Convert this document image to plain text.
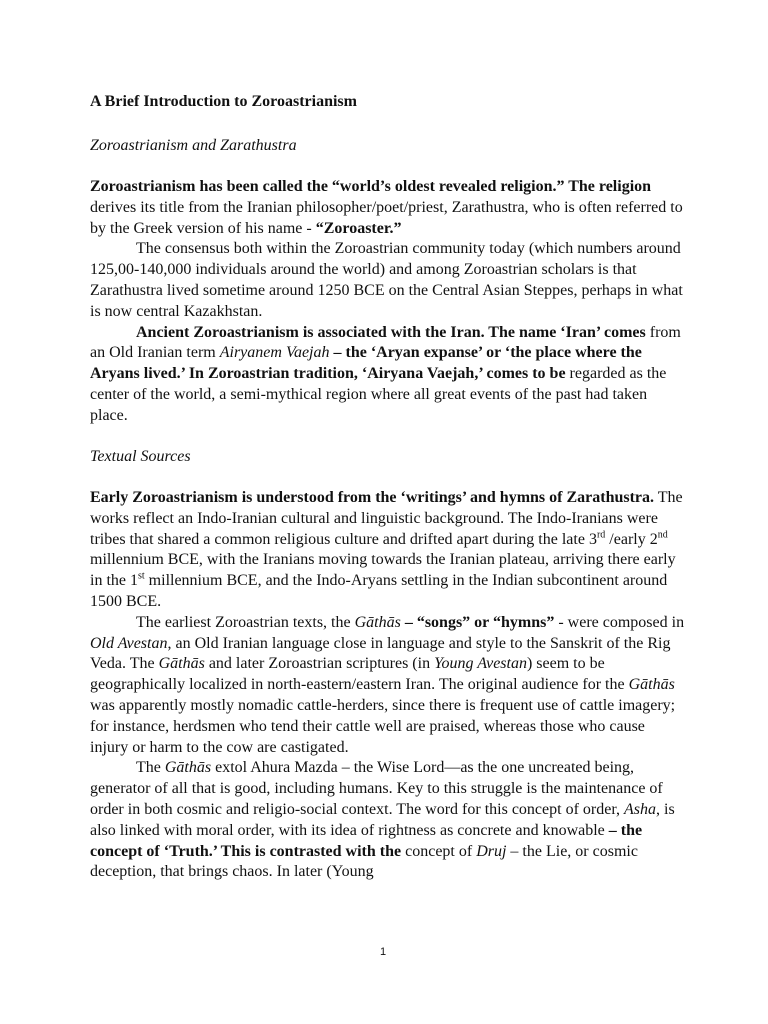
A Brief Introduction to Zoroastrianism
Zoroastrianism and Zarathustra

Zoroastrianism has been called the “world’s oldest revealed religion.” The religion derives its title from the Iranian philosopher/poet/priest, Zarathustra, who is often referred to by the Greek version of his name - “Zoroaster.”

The consensus both within the Zoroastrian community today (which numbers around 125,00-140,000 individuals around the world) and among Zoroastrian scholars is that Zarathustra lived sometime around 1250 BCE on the Central Asian Steppes, perhaps in what is now central Kazakhstan.

Ancient Zoroastrianism is associated with the Iran. The name ‘Iran’ comes from an Old Iranian term Airyanem Vaejah – the ‘Aryan expanse’ or ‘the place where the Aryans lived.’ In Zoroastrian tradition, ‘Airyana Vaejah,’ comes to be regarded as the center of the world, a semi-mythical region where all great events of the past had taken place.

Textual Sources

Early Zoroastrianism is understood from the ‘writings’ and hymns of Zarathustra. The works reflect an Indo-Iranian cultural and linguistic background. The Indo-Iranians were tribes that shared a common religious culture and drifted apart during the late 3rd /early 2nd millennium BCE, with the Iranians moving towards the Iranian plateau, arriving there early in the 1st millennium BCE, and the Indo-Aryans settling in the Indian subcontinent around 1500 BCE.

The earliest Zoroastrian texts, the Gāthās – “songs” or “hymns” - were composed in Old Avestan, an Old Iranian language close in language and style to the Sanskrit of the Rig Veda. The Gāthās and later Zoroastrian scriptures (in Young Avestan) seem to be geographically localized in north-eastern/eastern Iran. The original audience for the Gāthās was apparently mostly nomadic cattle-herders, since there is frequent use of cattle imagery; for instance, herdsmen who tend their cattle well are praised, whereas those who cause injury or harm to the cow are castigated.

The Gāthās extol Ahura Mazda – the Wise Lord—as the one uncreated being, generator of all that is good, including humans. Key to this struggle is the maintenance of order in both cosmic and religio-social context. The word for this concept of order, Asha, is also linked with moral order, with its idea of rightness as concrete and knowable – the concept of ‘Truth.’ This is contrasted with the concept of Druj – the Lie, or cosmic deception, that brings chaos. In later (Young

1
